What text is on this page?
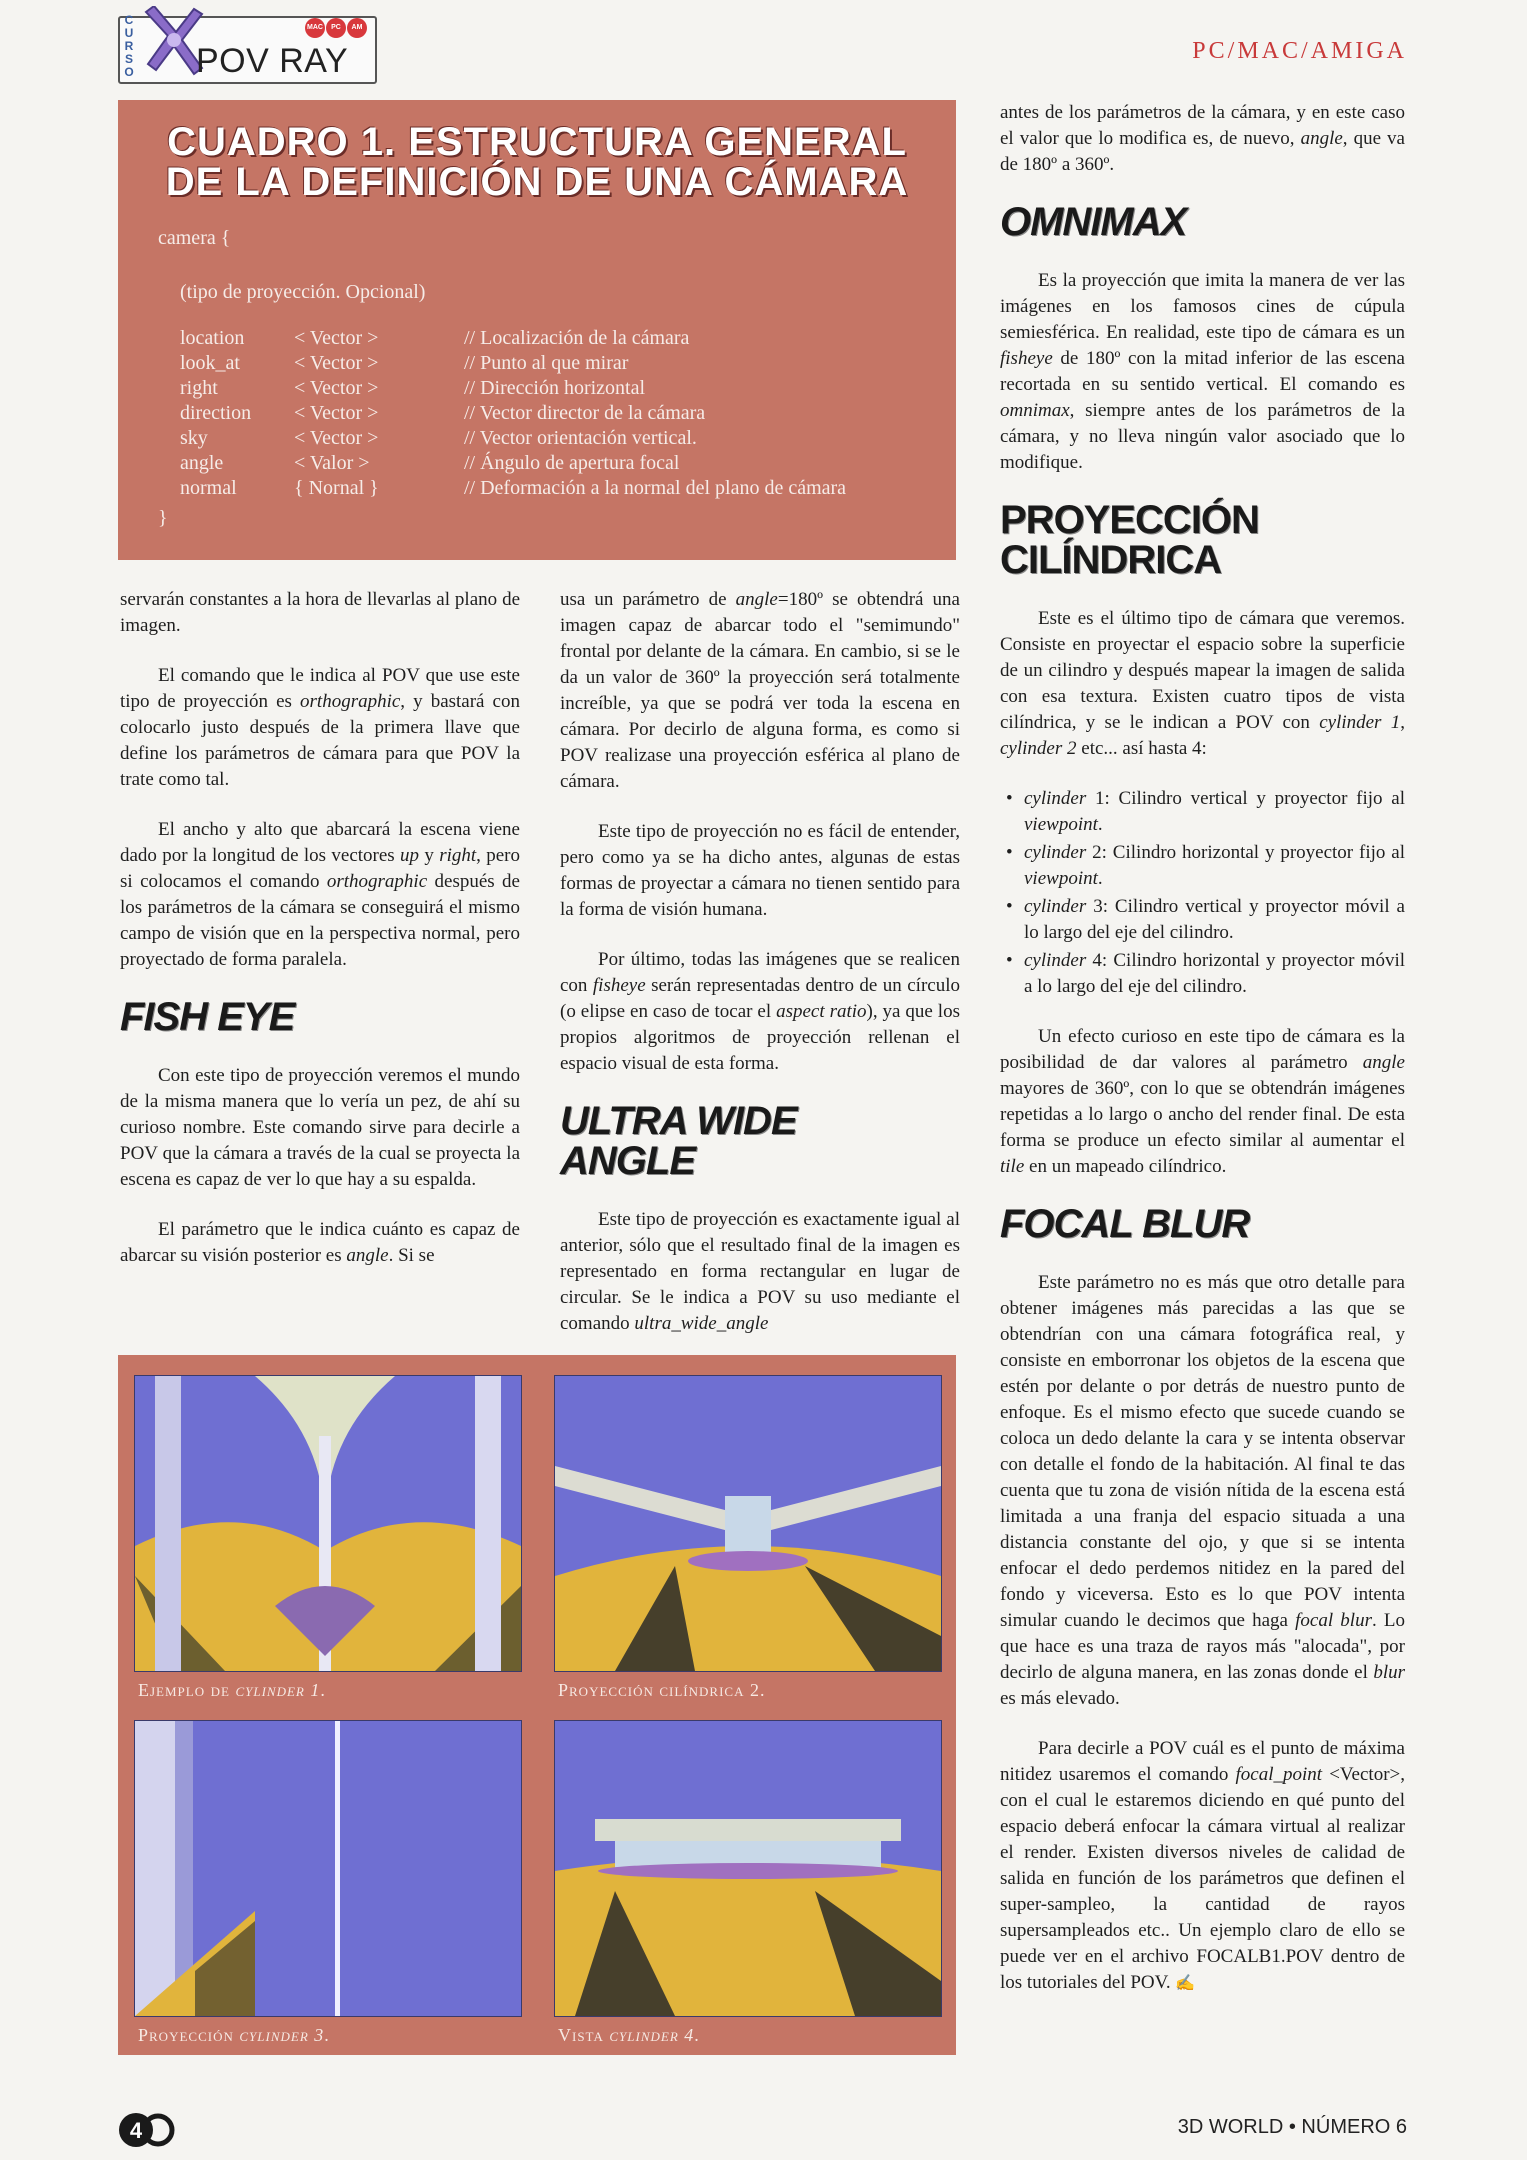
C
U
R
S
O POV RAY
MAC PC AM
PC/MAC/AMIGA
CUADRO 1. ESTRUCTURA GENERAL
DE LA DEFINICIÓN DE UNA CÁMARA
camera {
(tipo de proyección. Opcional)
location < Vector >	// Localización de la cámara
look_at	< Vector >	// Punto al que mirar
right	< Vector >	// Dirección horizontal
direction < Vector >	// Vector director de la cámara
sky	< Vector >	// Vector orientación vertical.
angle	< Valor >	// Ángulo de apertura focal
normal	{ Nornal }	// Deformación a la normal del plano de cámara
}

servarán constantes a la hora de llevarlas al plano de imagen.

El comando que le indica al POV que use este tipo de proyección es orthographic, y bastará con colocarlo justo después de la primera llave que define los parámetros de cámara para que POV la trate como tal.

El ancho y alto que abarcará la escena viene dado por la longitud de los vectores up y right, pero si colocamos el comando orthographic después de los parámetros de la cámara se conseguirá el mismo campo de visión que en la perspectiva normal, pero proyectado de forma paralela.

FISH EYE

Con este tipo de proyección veremos el mundo de la misma manera que lo vería un pez, de ahí su curioso nombre. Este comando sirve para decirle a POV que la cámara a través de la cual se proyecta la escena es capaz de ver lo que hay a su espalda.

El parámetro que le indica cuánto es capaz de abarcar su visión posterior es angle. Si se

usa un parámetro de angle=180º se obtendrá una imagen capaz de abarcar todo el "semimundo" frontal por delante de la cámara. En cambio, si se le da un valor de 360º la proyección será totalmente increíble, ya que se podrá ver toda la escena en cámara. Por decirlo de alguna forma, es como si POV realizase una proyección esférica al plano de cámara.

Este tipo de proyección no es fácil de entender, pero como ya se ha dicho antes, algunas de estas formas de proyectar a cámara no tienen sentido para la forma de visión humana.

Por último, todas las imágenes que se realicen con fisheye serán representadas dentro de un círculo (o elipse en caso de tocar el aspect ratio), ya que los propios algoritmos de proyección rellenan el espacio visual de esta forma.

ULTRA WIDE
ANGLE

Este tipo de proyección es exactamente igual al anterior, sólo que el resultado final de la imagen es representado en forma rectangular en lugar de circular. Se le indica a POV su uso mediante el comando ultra_wide_angle

antes de los parámetros de la cámara, y en este caso el valor que lo modifica es, de nuevo, angle, que va de 180º a 360º.

OMNIMAX

Es la proyección que imita la manera de ver las imágenes en los famosos cines de cúpula semiesférica. En realidad, este tipo de cámara es un fisheye de 180º con la mitad inferior de las escena recortada en su sentido vertical. El comando es omnimax, siempre antes de los parámetros de la cámara, y no lleva ningún valor asociado que lo modifique.

PROYECCIÓN
CILÍNDRICA

Este es el último tipo de cámara que veremos. Consiste en proyectar el espacio sobre la superficie de un cilindro y después mapear la imagen de salida con esa textura. Existen cuatro tipos de vista cilíndrica, y se le indican a POV con cylinder 1, cylinder 2 etc... así hasta 4:

• cylinder 1: Cilindro vertical y proyector fijo al viewpoint.
• cylinder 2: Cilindro horizontal y proyector fijo al viewpoint.
• cylinder 3: Cilindro vertical y proyector móvil a lo largo del eje del cilindro.
• cylinder 4: Cilindro horizontal y proyector móvil a lo largo del eje del cilindro.

Un efecto curioso en este tipo de cámara es la posibilidad de dar valores al parámetro angle mayores de 360º, con lo que se obtendrán imágenes repetidas a lo largo o ancho del render final. De esta forma se produce un efecto similar al aumentar el tile en un mapeado cilíndrico.

FOCAL BLUR

Este parámetro no es más que otro detalle para obtener imágenes más parecidas a las que se obtendrían con una cámara fotográfica real, y consiste en emborronar los objetos de la escena que estén por delante o por detrás de nuestro punto de enfoque. Es el mismo efecto que sucede cuando se coloca un dedo delante la cara y se intenta observar con detalle el fondo de la habitación. Al final te das cuenta que tu zona de visión nítida de la escena está limitada a una franja del espacio situada a una distancia constante del ojo, y que si se intenta enfocar el dedo perdemos nitidez en la pared del fondo y viceversa. Esto es lo que POV intenta simular cuando le decimos que haga focal blur. Lo que hace es una traza de rayos más "alocada", por decirlo de alguna manera, en las zonas donde el blur es más elevado.

Para decirle a POV cuál es el punto de máxima nitidez usaremos el comando focal_point <Vector>, con el cual le estaremos diciendo en qué punto del espacio deberá enfocar la cámara virtual al realizar el render. Existen diversos niveles de calidad de salida en función de los parámetros que definen el super-sampleo, la cantidad de rayos supersampleados etc.. Un ejemplo claro de ello se puede ver en el archivo FOCALB1.POV dentro de los tutoriales del POV. ✍

Ejemplo de cylinder 1.	Proyección cilíndrica 2.
Proyección cylinder 3.	Vista cylinder 4.
4	3D WORLD • NÚMERO 6
